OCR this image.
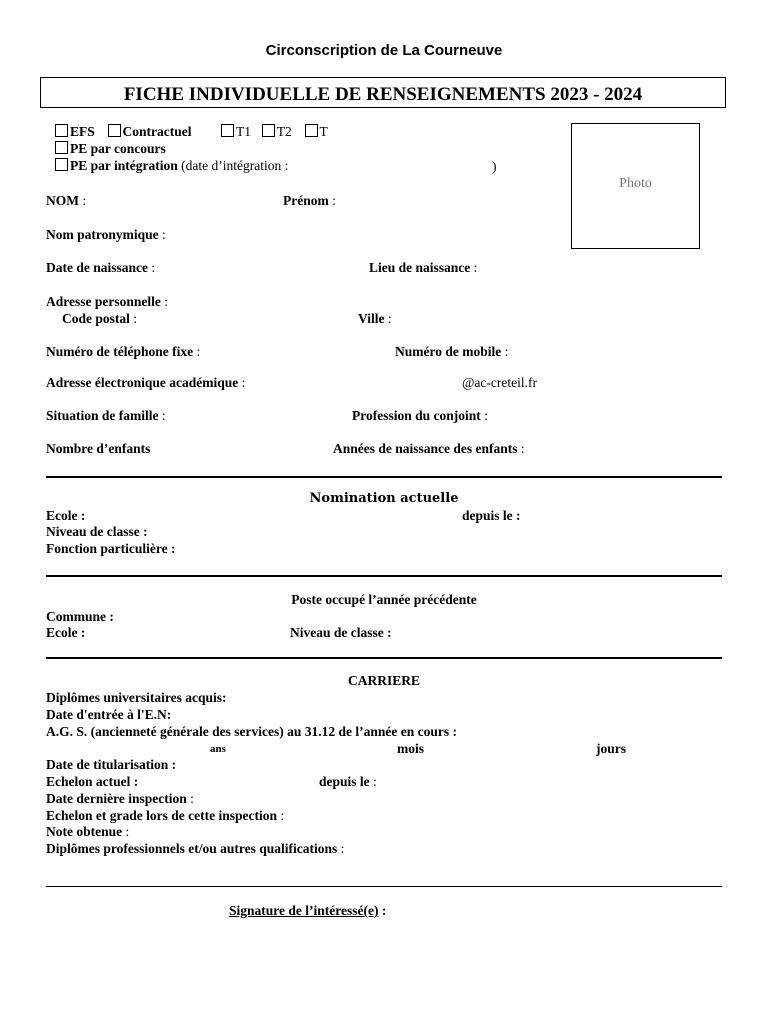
Circonscription de La Courneuve
FICHE INDIVIDUELLE DE RENSEIGNEMENTS 2023 - 2024
EFS Contractuel	T1 T2 T
PE par concours
PE par intégration (date d’intégration :	)
Photo
NOM :	Prénom :
Nom patronymique :
Date de naissance :	Lieu de naissance :
Adresse personnelle :
Code postal :	Ville :
Numéro de téléphone fixe :	Numéro de mobile :
Adresse électronique académique :	@ac-creteil.fr
Situation de famille :	Profession du conjoint :
Nombre d’enfants	Années de naissance des enfants :
Nomination actuelle
Ecole :	depuis le :
Niveau de classe :
Fonction particulière :
Poste occupé l’année précédente
Commune :
Ecole :	Niveau de classe :
CARRIERE
Diplômes universitaires acquis:
Date d'entrée à l'E.N:
A.G. S. (ancienneté générale des services) au 31.12 de l’année en cours :
ans	mois	jours
Date de titularisation :
Echelon actuel :	depuis le :
Date dernière inspection :
Echelon et grade lors de cette inspection :
Note obtenue :
Diplômes professionnels et/ou autres qualifications :
Signature de l’intéressé(e) :
